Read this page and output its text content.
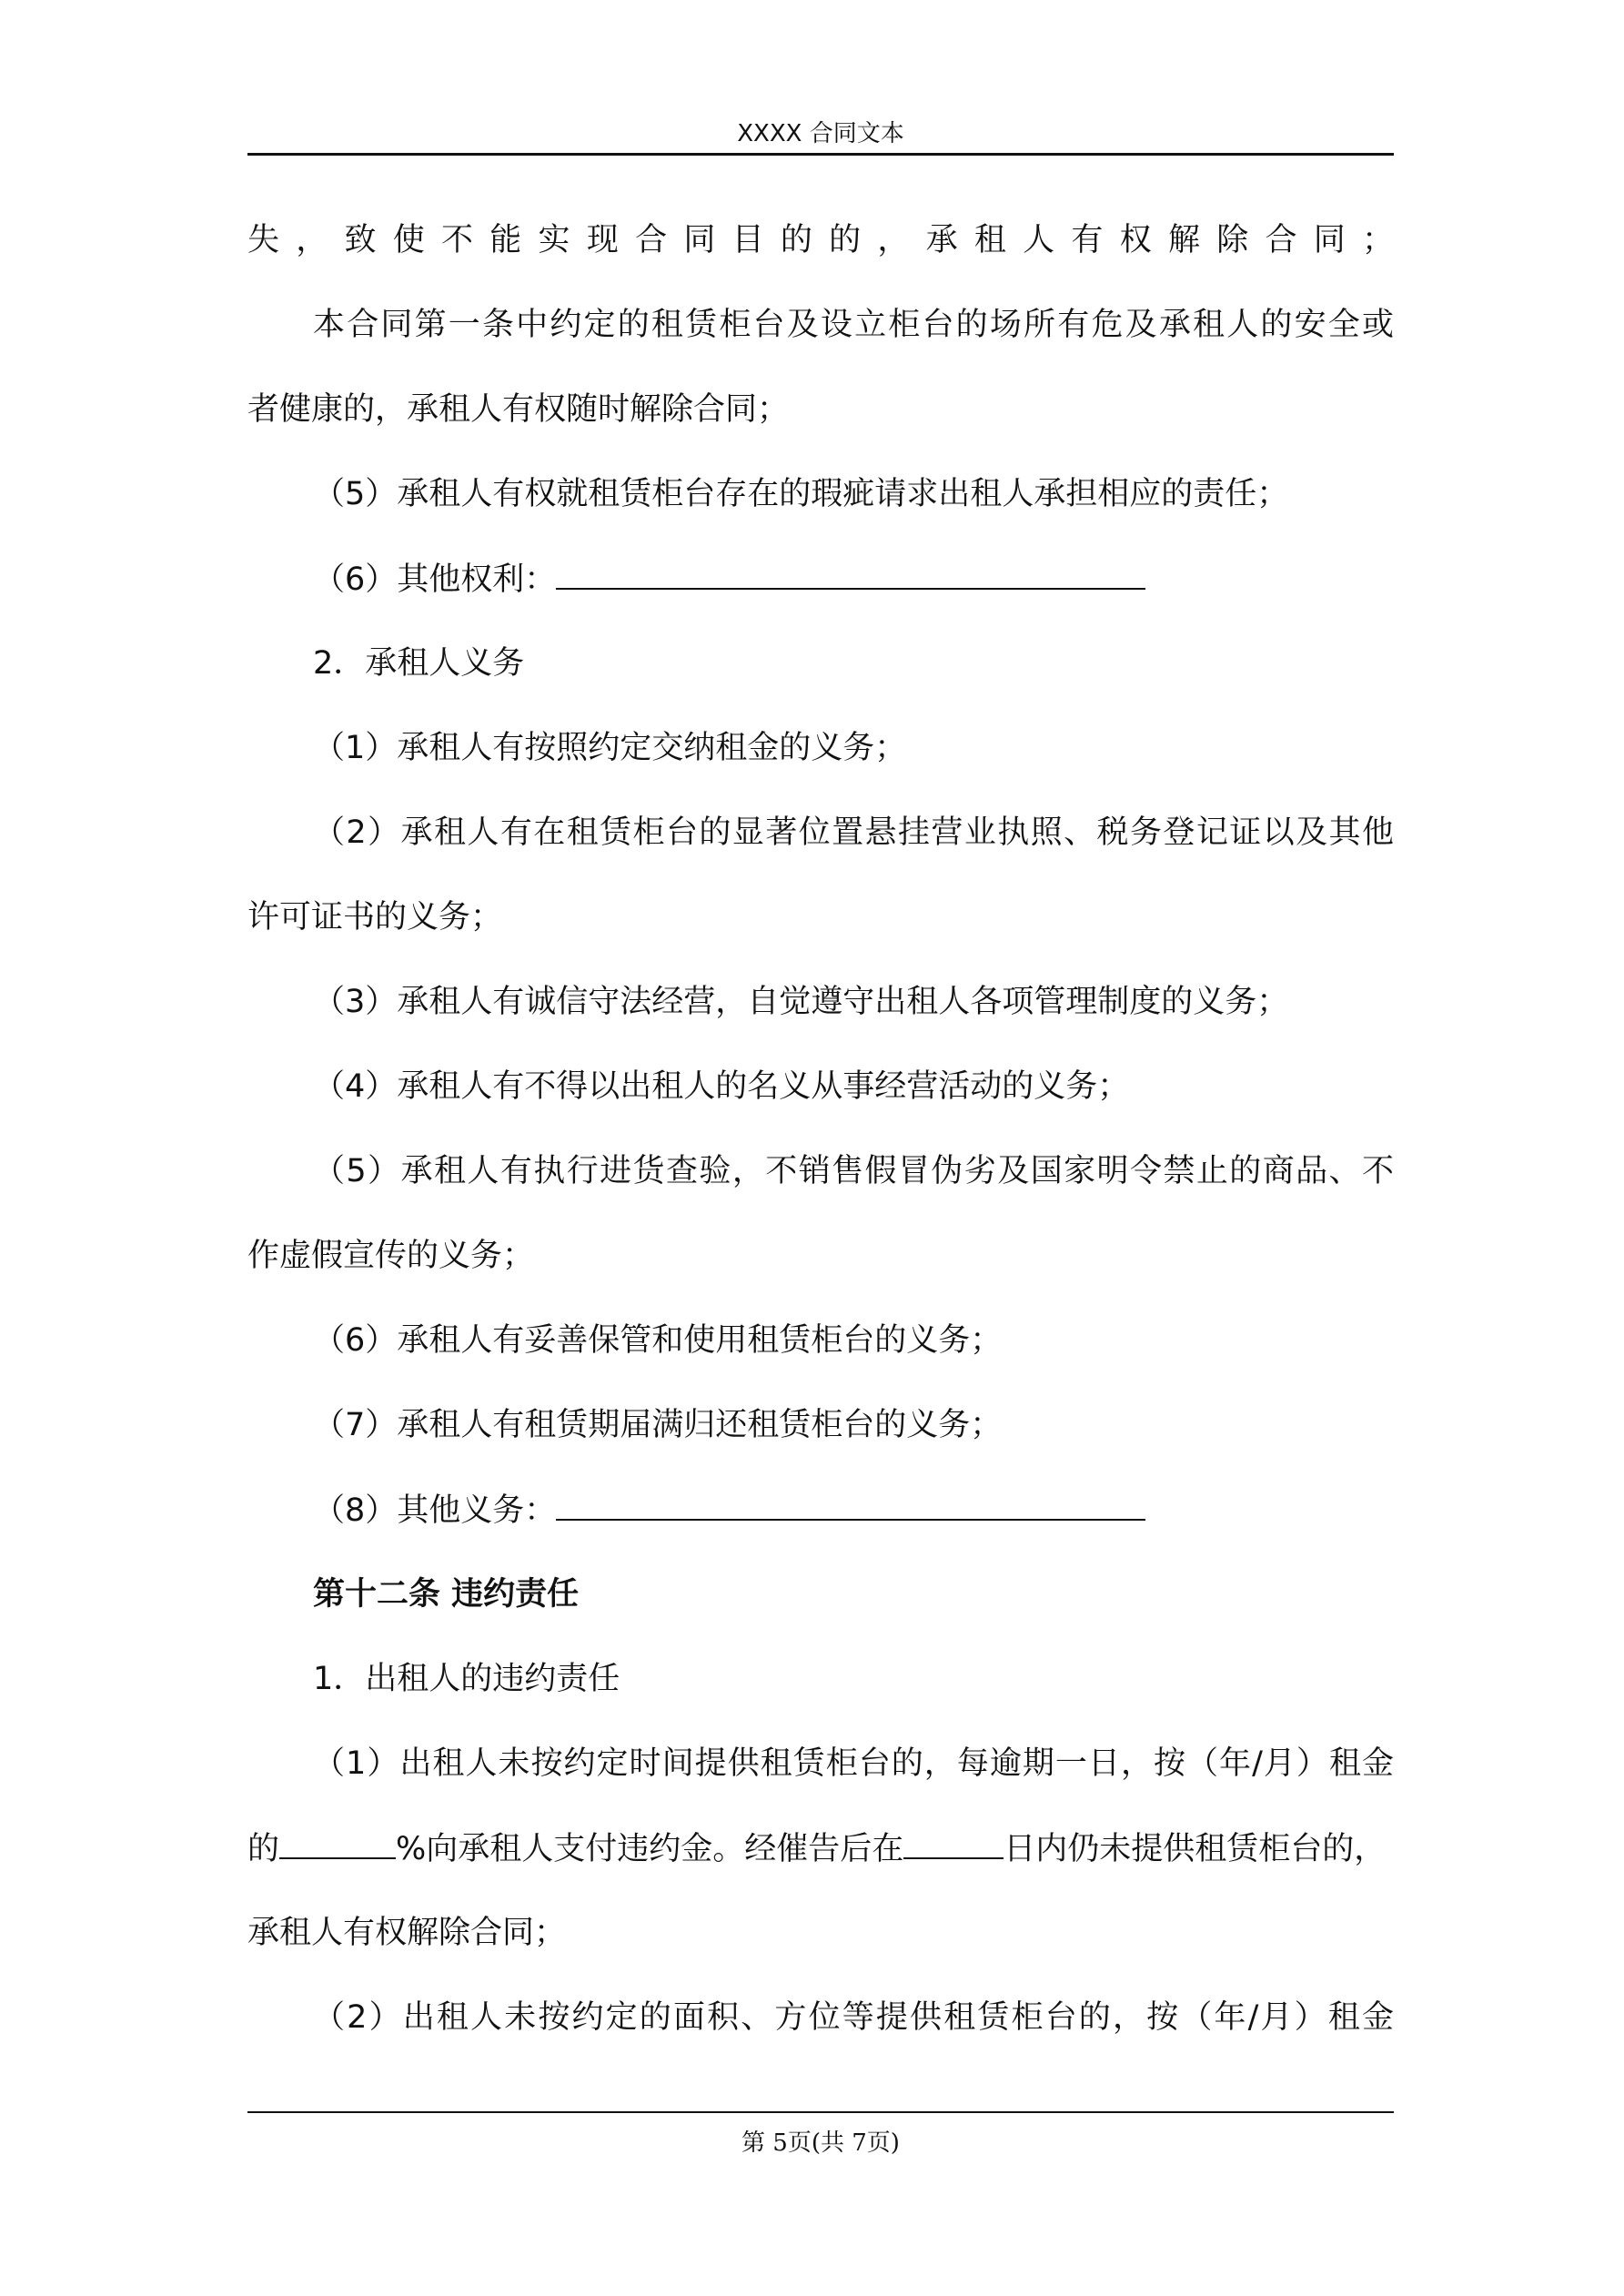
XXXX 合同文本
失，致使不能实现合同目的的，承租人有权解除合同；
本合同第一条中约定的租赁柜台及设立柜台的场所有危及承租人的安全或
者健康的，承租人有权随时解除合同；
（5）承租人有权就租赁柜台存在的瑕疵请求出租人承担相应的责任；
（6）其他权利：
2．承租人义务
（1）承租人有按照约定交纳租金的义务；
（2）承租人有在租赁柜台的显著位置悬挂营业执照、税务登记证以及其他
许可证书的义务；
（3）承租人有诚信守法经营，自觉遵守出租人各项管理制度的义务；
（4）承租人有不得以出租人的名义从事经营活动的义务；
（5）承租人有执行进货查验，不销售假冒伪劣及国家明令禁止的商品、不
作虚假宣传的义务；
（6）承租人有妥善保管和使用租赁柜台的义务；
（7）承租人有租赁期届满归还租赁柜台的义务；
（8）其他义务：
第十二条 违约责任
1．出租人的违约责任
（1）出租人未按约定时间提供租赁柜台的，每逾期一日，按（年/月）租金
的	%向承租人支付违约金。经催告后在	日内仍未提供租赁柜台的，
承租人有权解除合同；
（2）出租人未按约定的面积、方位等提供租赁柜台的，按（年/月）租金
第 5页(共 7页)
